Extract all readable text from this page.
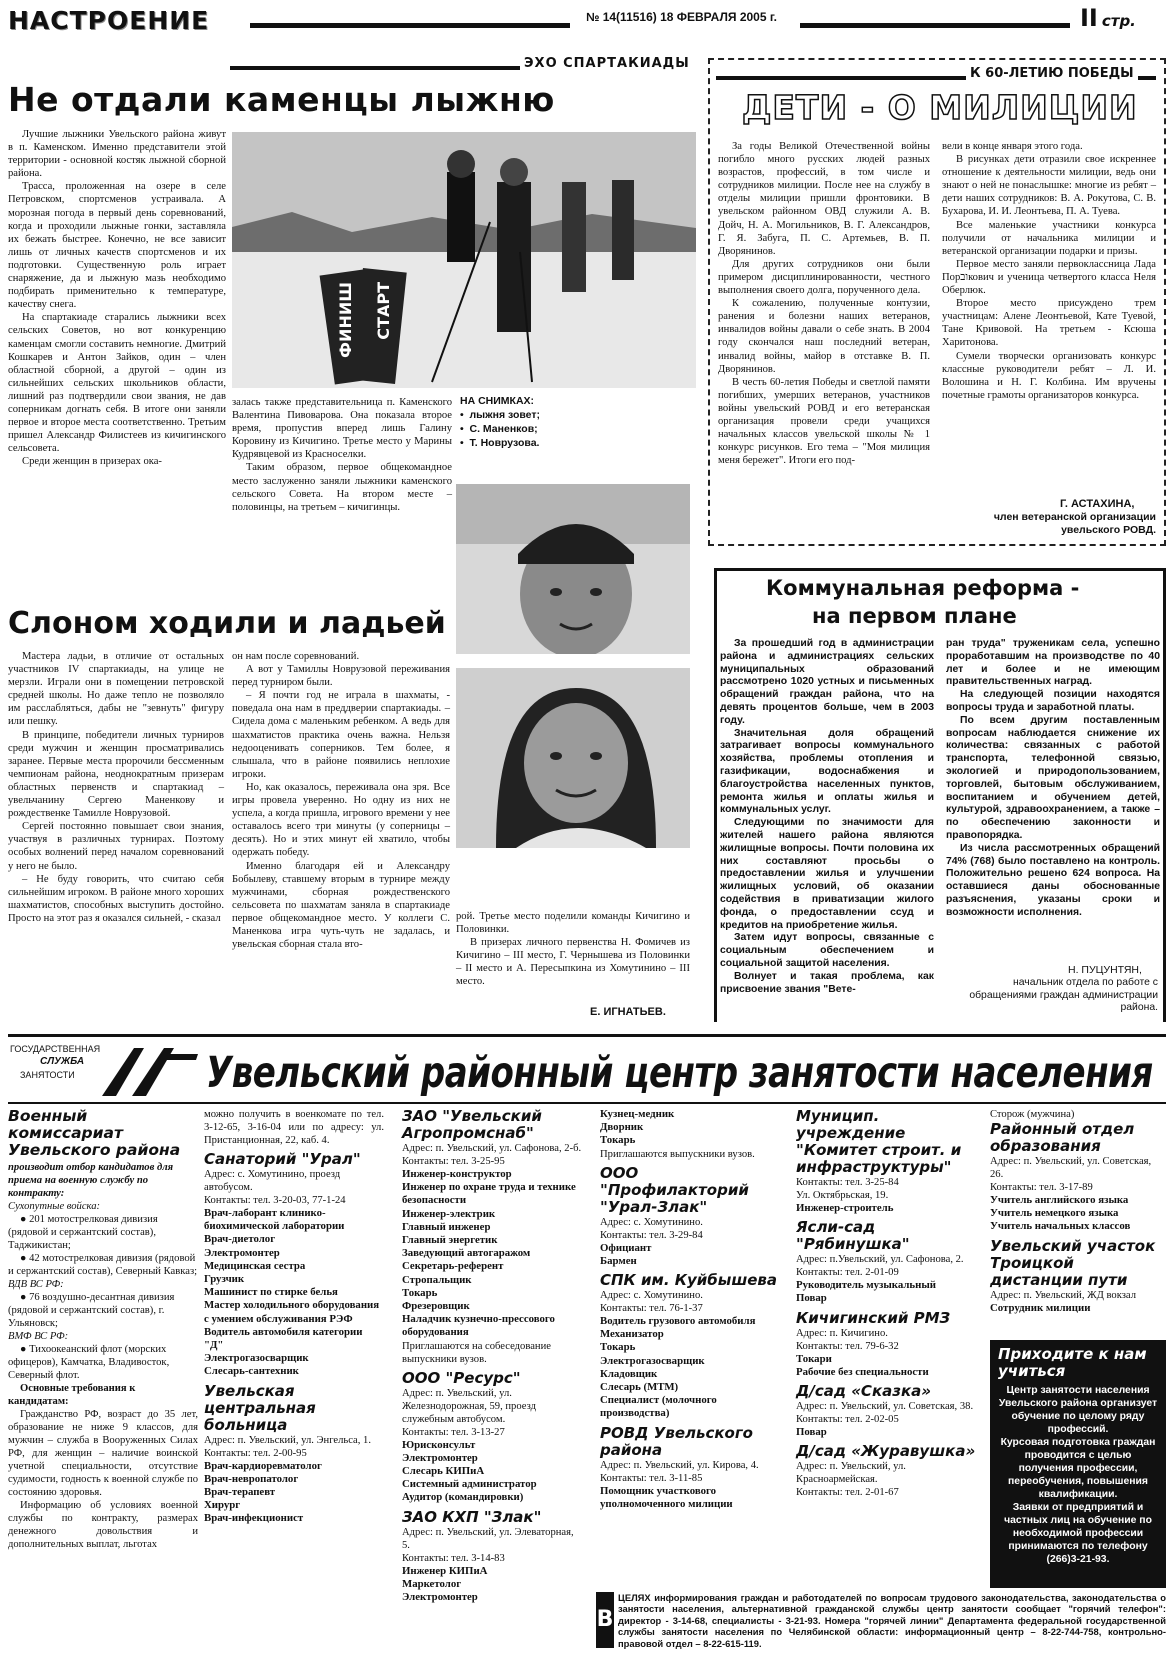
НАСТРОЕНИЕ	№ 14(11516) 18 ФЕВРАЛЯ 2005 г.	II стр.
ЭХО СПАРТАКИАДЫ
Не отдали каменцы лыжню

Лучшие лыжники Увельского района живут в п. Каменском. Именно представители этой территории - основной костяк лыжной сборной района.

Трасса, проложенная на озере в селе Петровском, спортсменов устраивала. А морозная погода в первый день соревнований, когда и проходили лыжные гонки, заставляла их бежать быстрее. Конечно, не все зависит лишь от личных качеств спортсменов и их подготовки. Существенную роль играет снаряжение, да и лыжную мазь необходимо подбирать применительно к температуре, качеству снега.

На спартакиаде старались лыжники всех сельских Советов, но вот конкуренцию каменцам смогли составить немногие. Дмитрий Кошкарев и Антон Зайков, один – член областной сборной, а другой – один из сильнейших сельских школьников области, лишний раз подтвердили свои звания, не дав соперникам догнать себя. В итоге они заняли первое и второе места соответственно. Третьим пришел Александр Филистеев из кичигинского сельсовета.

Среди женщин в призерах ока-

ФИНИШ СТАРТ

залась также представительница п. Каменского Валентина Пивоварова. Она показала второе время, пропустив вперед лишь Галину Коровину из Кичигино. Третье место у Марины Кудрявцевой из Красноселки.

Таким образом, первое общекомандное место заслуженно заняли лыжники каменского сельского Совета. На втором месте – половинцы, на третьем – кичигинцы.

НА СНИМКАХ:
•  лыжня зовет;
•  С. Маненков;
•  Т. Новрузова.
Слоном ходили и ладьей

Мастера ладьи, в отличие от остальных участников IV спартакиады, на улице не мерзли. Играли они в помещении петровской средней школы. Но даже тепло не позволяло им расслабляться, дабы не "зевнуть" фигуру или пешку.

В принципе, победители личных турниров среди мужчин и женщин просматривались заранее. Первые места пророчили бессменным чемпионам района, неоднократным призерам областных первенств и спартакиад – увельчанину Сергею Маненкову и рождественке Тамилле Новрузовой.

Сергей постоянно повышает свои знания, участвуя в различных турнирах. Поэтому особых волнений перед началом соревнований у него не было.

– Не буду говорить, что считаю себя сильнейшим игроком. В районе много хороших шахматистов, способных выступить достойно. Просто на этот раз я оказался сильней, - сказал

он нам после соревнований.

А вот у Тамиллы Новрузовой переживания перед турниром были.

– Я почти год не играла в шахматы, - поведала она нам в преддверии спартакиады. – Сидела дома с маленьким ребенком. А ведь для шахматистов практика очень важна. Нельзя недооценивать соперников. Тем более, я слышала, что в районе появились неплохие игроки.

Но, как оказалось, переживала она зря. Все игры провела уверенно. Но одну из них не успела, а когда пришла, игрового времени у нее оставалось всего три минуты (у соперницы – десять). Но и этих минут ей хватило, чтобы одержать победу.

Именно благодаря ей и Александру Бобылеву, ставшему вторым в турнире между мужчинами, сборная рождественского сельсовета по шахматам заняла в спартакиаде первое общекомандное место. У коллеги С. Маненкова игра чуть-чуть не задалась, и увельская сборная стала вто-

рой. Третье место поделили команды Кичигино и Половинки.

В призерах личного первенства Н. Фомичев из Кичигино – III место, Г. Чернышева из Половинки – II место и А. Пересыпкина из Хомутинино – III место.

Е. ИГНАТЬЕВ.
К 60-ЛЕТИЮ ПОБЕДЫ
ДЕТИ - О МИЛИЦИИ

За годы Великой Отечественной войны погибло много русских людей разных возрастов, профессий, в том числе и сотрудников милиции. После нее на службу в отделы милиции пришли фронтовики. В увельском районном ОВД служили А. В. Дойч, Н. А. Могильников, В. Г. Александров, Г. Я. Забуга, П. С. Артемьев, В. П. Дворянинов.

Для других сотрудников они были примером дисциплинированности, честного выполнения своего долга, порученного дела.

К сожалению, полученные контузии, ранения и болезни наших ветеранов, инвалидов войны давали о себе знать. В 2004 году скончался наш последний ветеран, инвалид войны, майор в отставке В. П. Дворянинов.

В честь 60-летия Победы и светлой памяти погибших, умерших ветеранов, участников войны увельский РОВД и его ветеранская организация провели среди учащихся начальных классов увельской школы № 1 конкурс рисунков. Его тема – "Моя милиция меня бережет". Итоги его под-

вели в конце января этого года.

В рисунках дети отразили свое искреннее отношение к деятельности милиции, ведь они знают о ней не понаслышке: многие из ребят – дети наших сотрудников: В. А. Рокутова, С. В. Бухарова, И. И. Леонтьева, П. А. Туева.

Все маленькие участники конкурса получили от начальника милиции и ветеранской организации подарки и призы.

Первое место заняли первоклассница Лада Порובкович и ученица четвертого класса Неля Оберлюк.

Второе место присуждено трем участницам: Алене Леонтьевой, Кате Туевой, Тане Кривовой. На третьем - Ксюша Харитонова.

Сумели творчески организовать конкурс классные руководители ребят – Л. И. Волошина и Н. Г. Колбина. Им вручены почетные грамоты организаторов конкурса.

Г. АСТАХИНА,
член ветеранской организации увельского РОВД.
Коммунальная реформа -
на первом плане

За прошедший год в администрации района и администрациях сельских муниципальных образований рассмотрено 1020 устных и письменных обращений граждан района, что на девять процентов больше, чем в 2003 году.

Значительная доля обращений затрагивает вопросы коммунального хозяйства, проблемы отопления и газификации, водоснабжения и благоустройства населенных пунктов, ремонта жилья и оплаты жилья и коммунальных услуг.

Следующими по значимости для жителей нашего района являются жилищные вопросы. Почти половина их них составляют просьбы о предоставлении жилья и улучшении жилищных условий, об оказании содействия в приватизации жилого фонда, о предоставлении ссуд и кредитов на приобретение жилья.

Затем идут вопросы, связанные с социальным обеспечением и социальной защитой населения.

Волнует и такая проблема, как присвоение звания "Вете-

ран труда" труженикам села, успешно проработавшим на производстве по 40 лет и более и не имеющим правительственных наград.

На следующей позиции находятся вопросы труда и заработной платы.

По всем другим поставленным вопросам наблюдается снижение их количества: связанных с работой транспорта, телефонной связью, экологией и природопользованием, торговлей, бытовым обслуживанием, воспитанием и обучением детей, культурой, здравоохранением, а также – по обеспечению законности и правопорядка.

Из числа рассмотренных обращений 74% (768) было поставлено на контроль. Положительно решено 624 вопроса. На оставшиеся даны обоснованные разъяснения, указаны сроки и возможности исполнения.

Н. ПУЦУНТЯН,
начальник отдела по работе с обращениями граждан администрации района.
ГОСУДАРСТВЕННАЯ
СЛУЖБА
ЗАНЯТОСТИ	Увельский районный центр занятости населения
Военный комиссариат Увельского района
производит отбор кандидатов для приема на военную службу по контракту:
Сухопутные войска:
● 201 мотострелковая дивизия (рядовой и сержантский состав), Таджикистан;
● 42 мотострелковая дивизия (рядовой и сержантский состав), Северный Кавказ;
ВДВ ВС РФ:
● 76 воздушно-десантная дивизия (рядовой и сержантский состав), г. Ульяновск;
ВМФ ВС РФ:
● Тихоокеанский флот (морских офицеров), Камчатка, Владивосток, Северный флот.
Основные требования к кандидатам:
Гражданство РФ, возраст до 35 лет, образование не ниже 9 классов, для мужчин – служба в Вооруженных Силах РФ, для женщин – наличие воинской учетной специальности, отсутствие судимости, годность к военной службе по состоянию здоровья.
Информацию об условиях военной службы по контракту, размерах денежного довольствия и дополнительных выплат, льготах
можно получить в военкомате по тел. 3-12-65, 3-16-04 или по адресу: ул. Пристанционная, 22, каб. 4.
Санаторий "Урал"
Адрес: с. Хомутинино, проезд автобусом.
Контакты: тел. 3-20-03, 77-1-24
Врач-лаборант клинико-биохимической лаборатории
Врач-диетолог
Электромонтер
Медицинская сестра
Грузчик
Машинист по стирке белья
Мастер холодильного оборудования с умением обслуживания РЭФ
Водитель автомобиля категории "Д"
Электрогазосварщик
Слесарь-сантехник
Увельская центральная больница
Адрес: п. Увельский, ул. Энгельса, 1.
Контакты: тел. 2-00-95
Врач-кардиоревматолог
Врач-невропатолог
Врач-терапевт
Хирург
Врач-инфекционист
ЗАО "Увельский Агропромснаб"
Адрес: п. Увельский, ул. Сафонова, 2-б.
Контакты: тел. 3-25-95
Инженер-конструктор
Инженер по охране труда и технике безопасности
Инженер-электрик
Главный инженер
Главный энергетик
Заведующий автогаражом
Секретарь-референт
Стропальщик
Токарь
Фрезеровщик
Наладчик кузнечно-прессового оборудования
Приглашаются на собеседование выпускники вузов.
ООО "Ресурс"
Адрес: п. Увельский, ул. Железнодорожная, 59, проезд служебным автобусом.
Контакты: тел. 3-13-27
Юрисконсульт
Электромонтер
Слесарь КИПиА
Системный администратор
Аудитор (командировки)
ЗАО КХП "Злак"
Адрес: п. Увельский, ул. Элеваторная, 5.
Контакты: тел. 3-14-83
Инженер КИПиА
Маркетолог
Электромонтер
Кузнец-медник
Дворник
Токарь
Приглашаются выпускники вузов.
ООО "Профилакторий "Урал-Злак"
Адрес: с. Хомутинино.
Контакты: тел. 3-29-84
Официант
Бармен
СПК им. Куйбышева
Адрес: с. Хомутинино.
Контакты: тел. 76-1-37
Водитель грузового автомобиля
Механизатор
Токарь
Электрогазосварщик
Кладовщик
Слесарь (МТМ)
Специалист (молочного производства)
РОВД Увельского района
Адрес: п. Увельский, ул. Кирова, 4.
Контакты: тел. 3-11-85
Помощник участкового уполномоченного милиции
Муницип. учреждение "Комитет строит. и инфраструктуры"
Контакты: тел. 3-25-84
Ул. Октябрьская, 19.
Инженер-строитель
Ясли-сад "Рябинушка"
Адрес: п.Увельский, ул. Сафонова, 2.
Контакты: тел. 2-01-09
Руководитель музыкальный
Повар
Кичигинский РМЗ
Адрес: п. Кичигино.
Контакты: тел. 79-6-32
Токари
Рабочие без специальности
Д/сад «Сказка»
Адрес: п. Увельский, ул. Советская, 38.
Контакты: тел. 2-02-05
Повар
Д/сад «Журавушка»
Адрес: п. Увельский, ул. Красноармейская.
Контакты: тел. 2-01-67
Сторож (мужчина)
Районный отдел образования
Адрес: п. Увельский, ул. Советская, 26.
Контакты: тел. 3-17-89
Учитель английского языка
Учитель немецкого языка
Учитель начальных классов
Увельский участок Троицкой дистанции пути
Адрес: п. Увельский, ЖД вокзал
Сотрудник милиции
Приходите к нам учиться
Центр занятости населения Увельского района организует обучение по целому ряду профессий.
Курсовая подготовка граждан проводится с целью получения профессии, переобучения, повышения квалификации.
Заявки от предприятий и частных лиц на обучение по необходимой профессии принимаются по телефону (266)3-21-93.
В
ЦЕЛЯХ информирования граждан и работодателей по вопросам трудового законодательства, законодательства о занятости населения, альтернативной гражданской службы центр занятости сообщает "горячий телефон": директор - 3-14-68, специалисты - 3-21-93. Номера "горячей линии" Департамента федеральной государственной службы занятости населения по Челябинской области: информационный центр – 8-22-744-758, контрольно-правовой отдел – 8-22-615-119.
